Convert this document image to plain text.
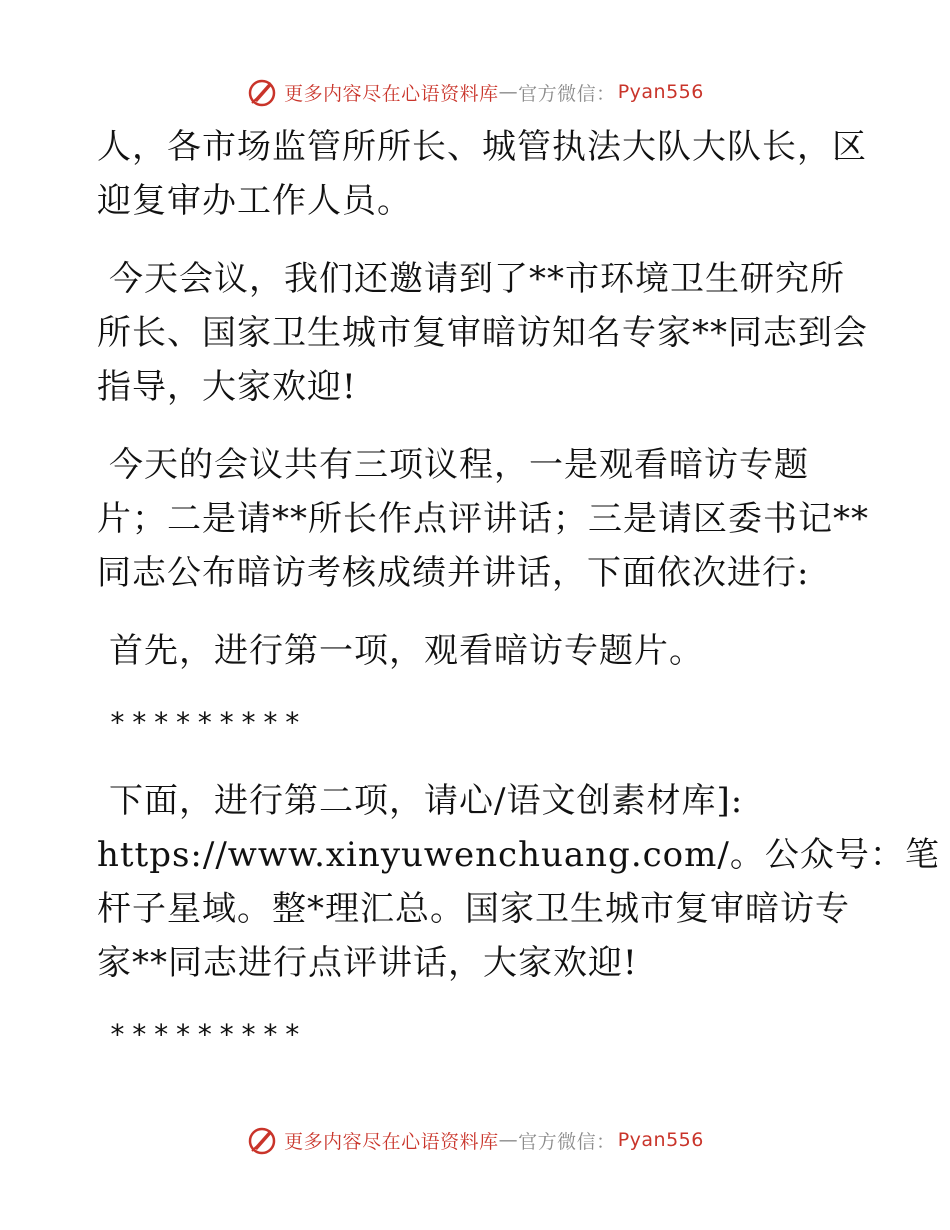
更多内容尽在心语资料库 — 官方微信： Pyan556
人，各市场监管所所长、城管执法大队大队长，区
迎复审办工作人员。
今天会议，我们还邀请到了**市环境卫生研究所
所长、国家卫生城市复审暗访知名专家**同志到会
指导，大家欢迎!
今天的会议共有三项议程，一是观看暗访专题
片；二是请**所长作点评讲话；三是请区委书记**
同志公布暗访考核成绩并讲话，下面依次进行:
首先，进行第一项，观看暗访专题片。
*********
下面，进行第二项，请心/语文创素材库]:
https://www.xinyuwenchuang.com/。公众号：笔
杆子星域。整*理汇总。国家卫生城市复审暗访专
家**同志进行点评讲话，大家欢迎!
*********
更多内容尽在心语资料库 — 官方微信： Pyan556
